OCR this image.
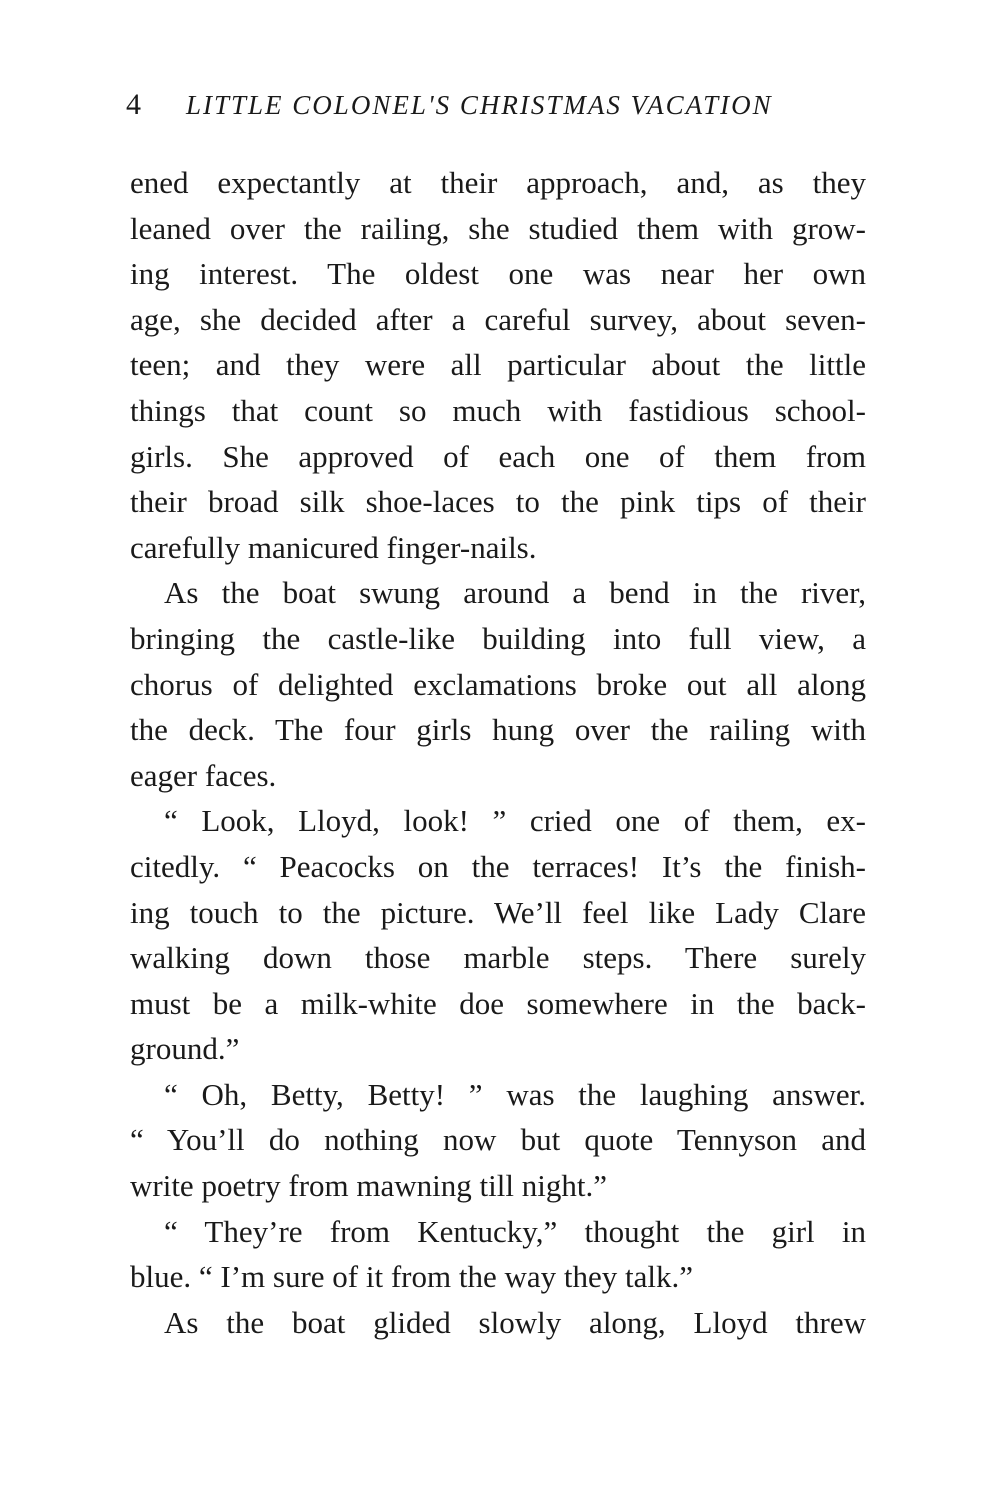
4	LITTLE COLONEL'S CHRISTMAS VACATION
ened expectantly at their approach, and, as they
leaned over the railing, she studied them with grow-
ing interest. The oldest one was near her own
age, she decided after a careful survey, about seven-
teen; and they were all particular about the little
things that count so much with fastidious school-
girls. She approved of each one of them from
their broad silk shoe-laces to the pink tips of their
carefully manicured finger-nails.
As the boat swung around a bend in the river,
bringing the castle-like building into full view, a
chorus of delighted exclamations broke out all along
the deck. The four girls hung over the railing with
eager faces.
“ Look, Lloyd, look! ” cried one of them, ex-
citedly. “ Peacocks on the terraces! It’s the finish-
ing touch to the picture. We’ll feel like Lady Clare
walking down those marble steps. There surely
must be a milk-white doe somewhere in the back-
ground.”
“ Oh, Betty, Betty! ” was the laughing answer.
“ You’ll do nothing now but quote Tennyson and
write poetry from mawning till night.”
“ They’re from Kentucky,” thought the girl in
blue. “ I’m sure of it from the way they talk.”
As the boat glided slowly along, Lloyd threw
